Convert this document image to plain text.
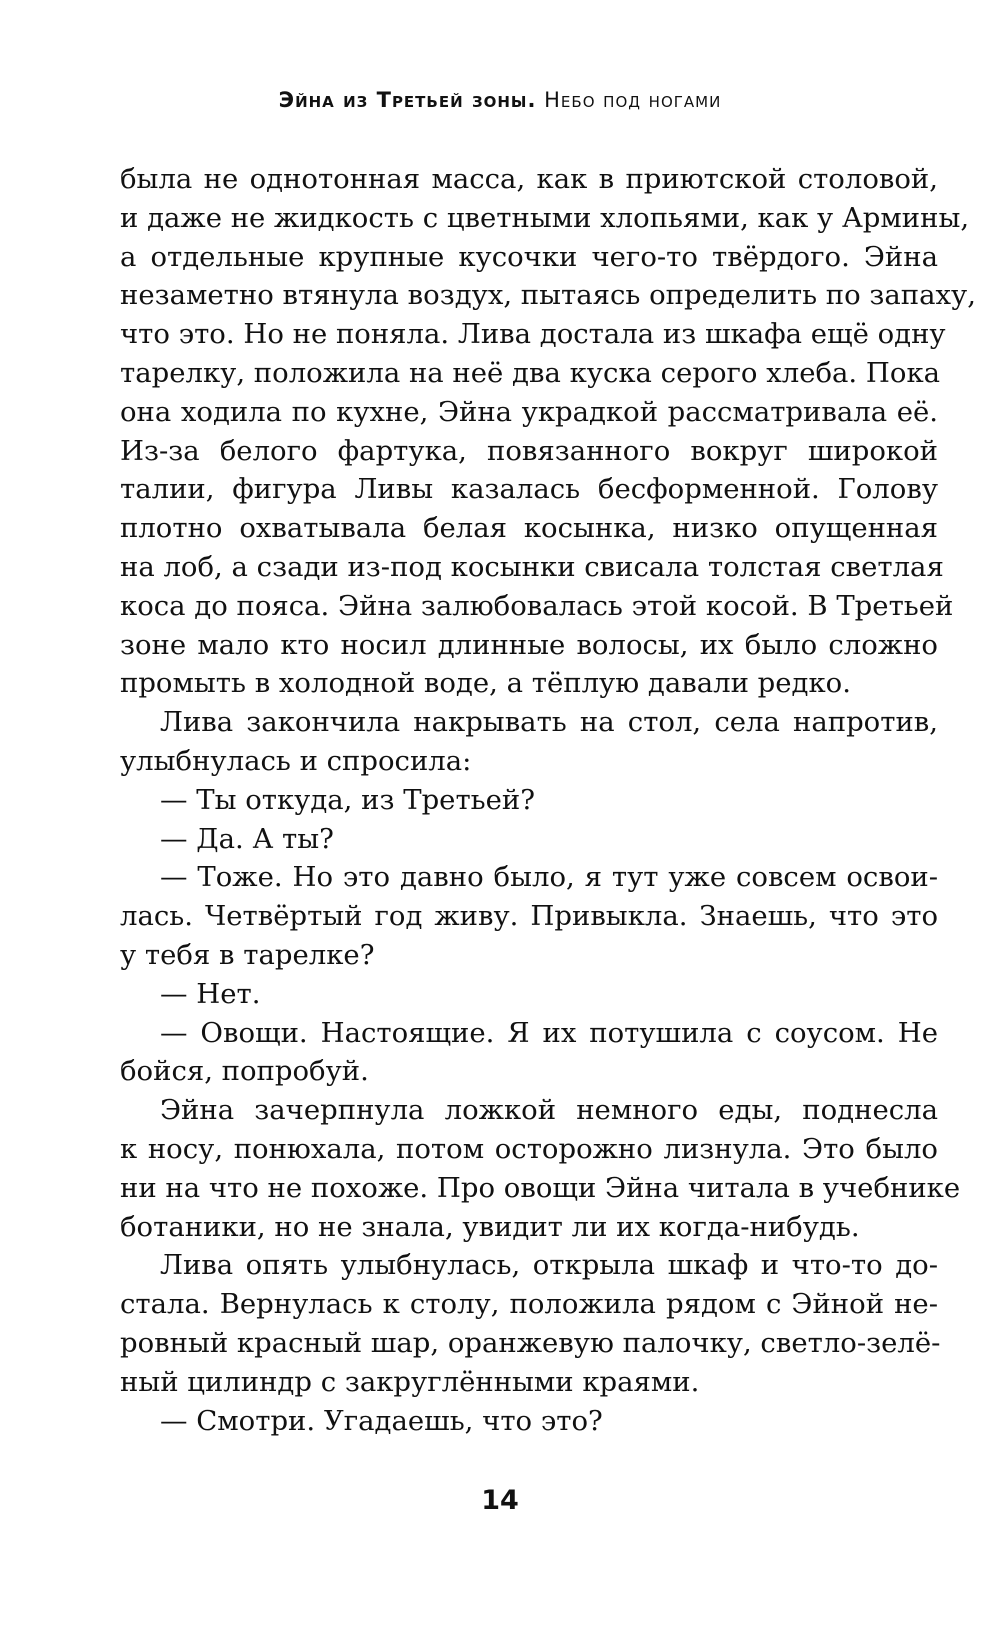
Эйна из Третьей зоны. Небо под ногами
была не однотонная масса, как в приютской столовой,
и даже не жидкость с цветными хлопьями, как у Армины,
а отдельные крупные кусочки чего-то твёрдого. Эйна
незаметно втянула воздух, пытаясь определить по запаху,
что это. Но не поняла. Лива достала из шкафа ещё одну
тарелку, положила на неё два куска серого хлеба. Пока
она ходила по кухне, Эйна украдкой рассматривала её.
Из-за белого фартука, повязанного вокруг широкой
талии, фигура Ливы казалась бесформенной. Голову
плотно охватывала белая косынка, низко опущенная
на лоб, а сзади из-под косынки свисала толстая светлая
коса до пояса. Эйна залюбовалась этой косой. В Третьей
зоне мало кто носил длинные волосы, их было сложно
промыть в холодной воде, а тёплую давали редко.
Лива закончила накрывать на стол, села напротив,
улыбнулась и спросила:
— Ты откуда, из Третьей?
— Да. А ты?
— Тоже. Но это давно было, я тут уже совсем освои-
лась. Четвёртый год живу. Привыкла. Знаешь, что это
у тебя в тарелке?
— Нет.
— Овощи. Настоящие. Я их потушила с соусом. Не
бойся, попробуй.
Эйна зачерпнула ложкой немного еды, поднесла
к носу, понюхала, потом осторожно лизнула. Это было
ни на что не похоже. Про овощи Эйна читала в учебнике
ботаники, но не знала, увидит ли их когда-нибудь.
Лива опять улыбнулась, открыла шкаф и что-то до-
стала. Вернулась к столу, положила рядом с Эйной не-
ровный красный шар, оранжевую палочку, светло-зелё-
ный цилиндр с закруглёнными краями.
— Смотри. Угадаешь, что это?
14
